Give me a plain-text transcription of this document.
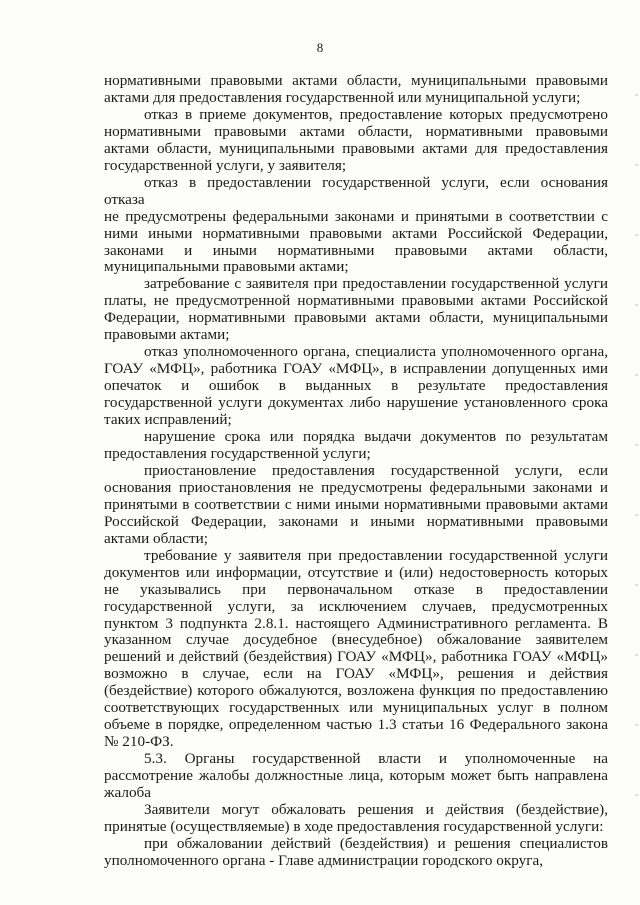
8
нормативными правовыми актами области, муниципальными правовыми
актами для предоставления государственной или муниципальной услуги;
отказ в приеме документов, предоставление которых предусмотрено
нормативными правовыми актами области, нормативными правовыми
актами области, муниципальными правовыми актами для предоставления
государственной услуги, у заявителя;
отказ в предоставлении государственной услуги, если основания отказа
не предусмотрены федеральными законами и принятыми в соответствии с
ними иными нормативными правовыми актами Российской Федерации,
законами и иными нормативными правовыми актами области,
муниципальными правовыми актами;
затребование с заявителя при предоставлении государственной услуги
платы, не предусмотренной нормативными правовыми актами Российской
Федерации, нормативными правовыми актами области, муниципальными
правовыми актами;
отказ уполномоченного органа, специалиста уполномоченного органа,
ГОАУ «МФЦ», работника ГОАУ «МФЦ», в исправлении допущенных ими
опечаток и ошибок в выданных в результате предоставления
государственной услуги документах либо нарушение установленного срока
таких исправлений;
нарушение срока или порядка выдачи документов по результатам
предоставления государственной услуги;
приостановление предоставления государственной услуги, если
основания приостановления не предусмотрены федеральными законами и
принятыми в соответствии с ними иными нормативными правовыми актами
Российской Федерации, законами и иными нормативными правовыми
актами области;
требование у заявителя при предоставлении государственной услуги
документов или информации, отсутствие и (или) недостоверность которых
не указывались при первоначальном отказе в предоставлении
государственной услуги, за исключением случаев, предусмотренных
пунктом 3 подпункта 2.8.1. настоящего Административного регламента. В
указанном случае досудебное (внесудебное) обжалование заявителем
решений и действий (бездействия) ГОАУ «МФЦ», работника ГОАУ «МФЦ»
возможно в случае, если на ГОАУ «МФЦ», решения и действия
(бездействие) которого обжалуются, возложена функция по предоставлению
соответствующих государственных или муниципальных услуг в полном
объеме в порядке, определенном частью 1.3 статьи 16 Федерального закона
№ 210-ФЗ.
5.3. Органы государственной власти и уполномоченные на
рассмотрение жалобы должностные лица, которым может быть направлена
жалоба
Заявители могут обжаловать решения и действия (бездействие),
принятые (осуществляемые) в ходе предоставления государственной услуги:
при обжаловании действий (бездействия) и решения специалистов
уполномоченного органа - Главе администрации городского округа,
